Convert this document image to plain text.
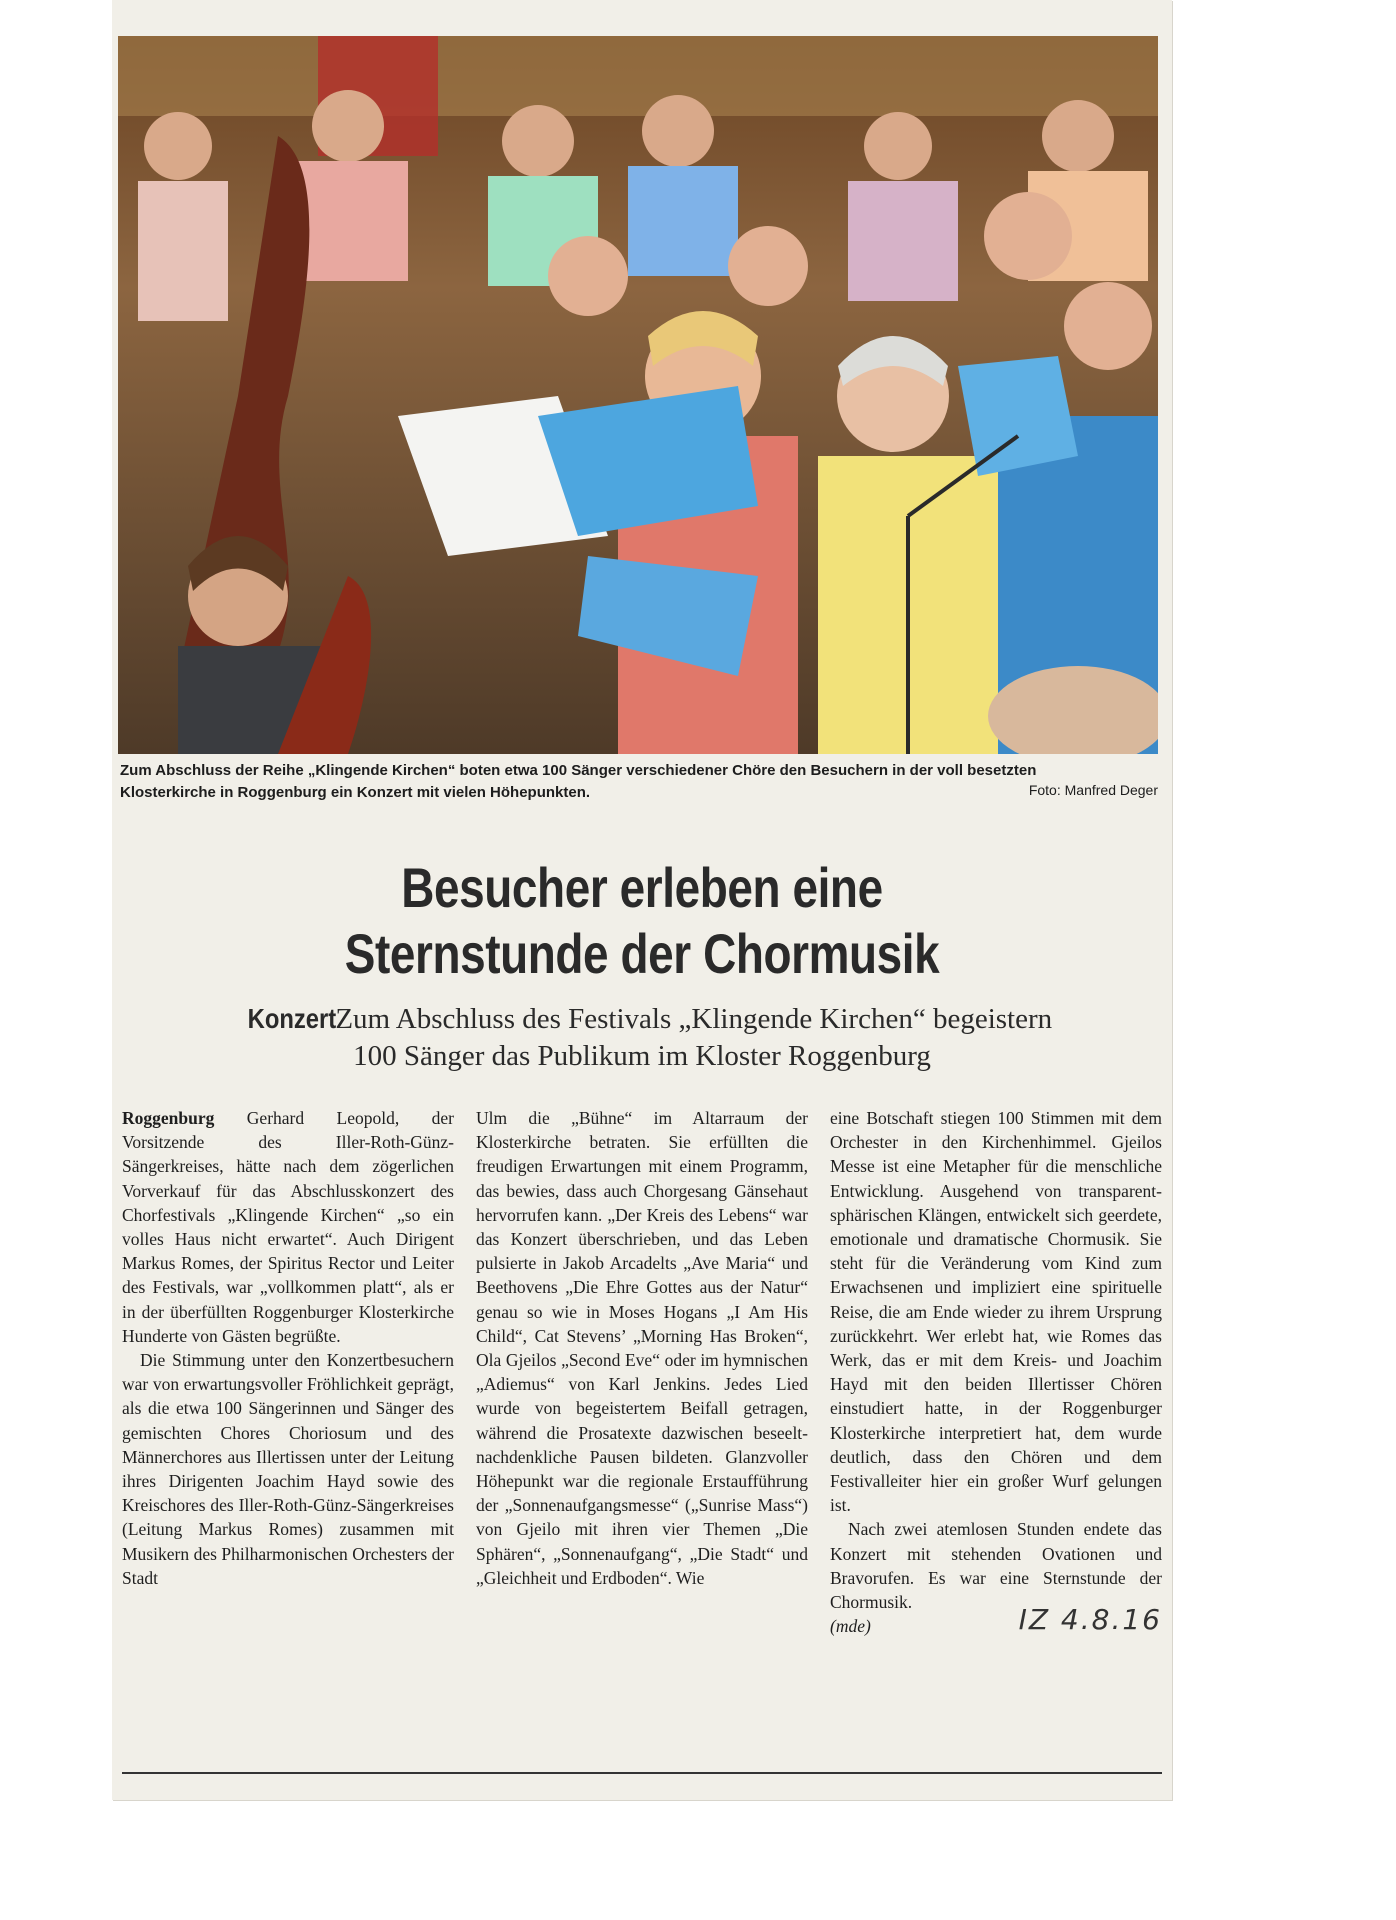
Zum Abschluss der Reihe „Klingende Kirchen“ boten etwa 100 Sänger verschiedener Chöre den Besuchern in der voll besetzten
Klosterkirche in Roggenburg ein Konzert mit vielen Höhepunkten.	Foto: Manfred Deger
Besucher erleben eine
Sternstunde der Chormusik
Konzert Zum Abschluss des Festivals „Klingende Kirchen“ begeistern
100 Sänger das Publikum im Kloster Roggenburg

Roggenburg Gerhard Leopold, der Vorsitzende des Iller-Roth-Günz-Sängerkreises, hätte nach dem zögerlichen Vorverkauf für das Abschlusskonzert des Chorfestivals „Klingende Kirchen“ „so ein volles Haus nicht erwartet“. Auch Dirigent Markus Romes, der Spiritus Rector und Leiter des Festivals, war „vollkommen platt“, als er in der überfüllten Roggenburger Klosterkirche Hunderte von Gästen begrüßte.

Die Stimmung unter den Konzertbesuchern war von erwartungsvoller Fröhlichkeit geprägt, als die etwa 100 Sängerinnen und Sänger des gemischten Chores Choriosum und des Männerchores aus Illertissen unter der Leitung ihres Dirigenten Joachim Hayd sowie des Kreischores des Iller-Roth-Günz-Sängerkreises (Leitung Markus Romes) zusammen mit Musikern des Philharmonischen Orchesters der Stadt

Ulm die „Bühne“ im Altarraum der Klosterkirche betraten. Sie erfüllten die freudigen Erwartungen mit einem Programm, das bewies, dass auch Chorgesang Gänsehaut hervorrufen kann. „Der Kreis des Lebens“ war das Konzert überschrieben, und das Leben pulsierte in Jakob Arcadelts „Ave Maria“ und Beethovens „Die Ehre Gottes aus der Natur“ genau so wie in Moses Hogans „I Am His Child“, Cat Stevens’ „Morning Has Broken“, Ola Gjeilos „Second Eve“ oder im hymnischen „Adiemus“ von Karl Jenkins. Jedes Lied wurde von begeistertem Beifall getragen, während die Prosatexte dazwischen beseelt-nachdenkliche Pausen bildeten. Glanzvoller Höhepunkt war die regionale Erstaufführung der „Sonnenaufgangsmesse“ („Sunrise Mass“) von Gjeilo mit ihren vier Themen „Die Sphären“, „Sonnenaufgang“, „Die Stadt“ und „Gleichheit und Erdboden“. Wie

eine Botschaft stiegen 100 Stimmen mit dem Orchester in den Kirchenhimmel. Gjeilos Messe ist eine Metapher für die menschliche Entwicklung. Ausgehend von transparent-sphärischen Klängen, entwickelt sich geerdete, emotionale und dramatische Chormusik. Sie steht für die Veränderung vom Kind zum Erwachsenen und impliziert eine spirituelle Reise, die am Ende wieder zu ihrem Ursprung zurückkehrt. Wer erlebt hat, wie Romes das Werk, das er mit dem Kreis- und Joachim Hayd mit den beiden Illertisser Chören einstudiert hatte, in der Roggenburger Klosterkirche interpretiert hat, dem wurde deutlich, dass den Chören und dem Festivalleiter hier ein großer Wurf gelungen ist.

Nach zwei atemlosen Stunden endete das Konzert mit stehenden Ovationen und Bravorufen. Es war eine Sternstunde der Chormusik.

(mde)	IZ 4.8.16
